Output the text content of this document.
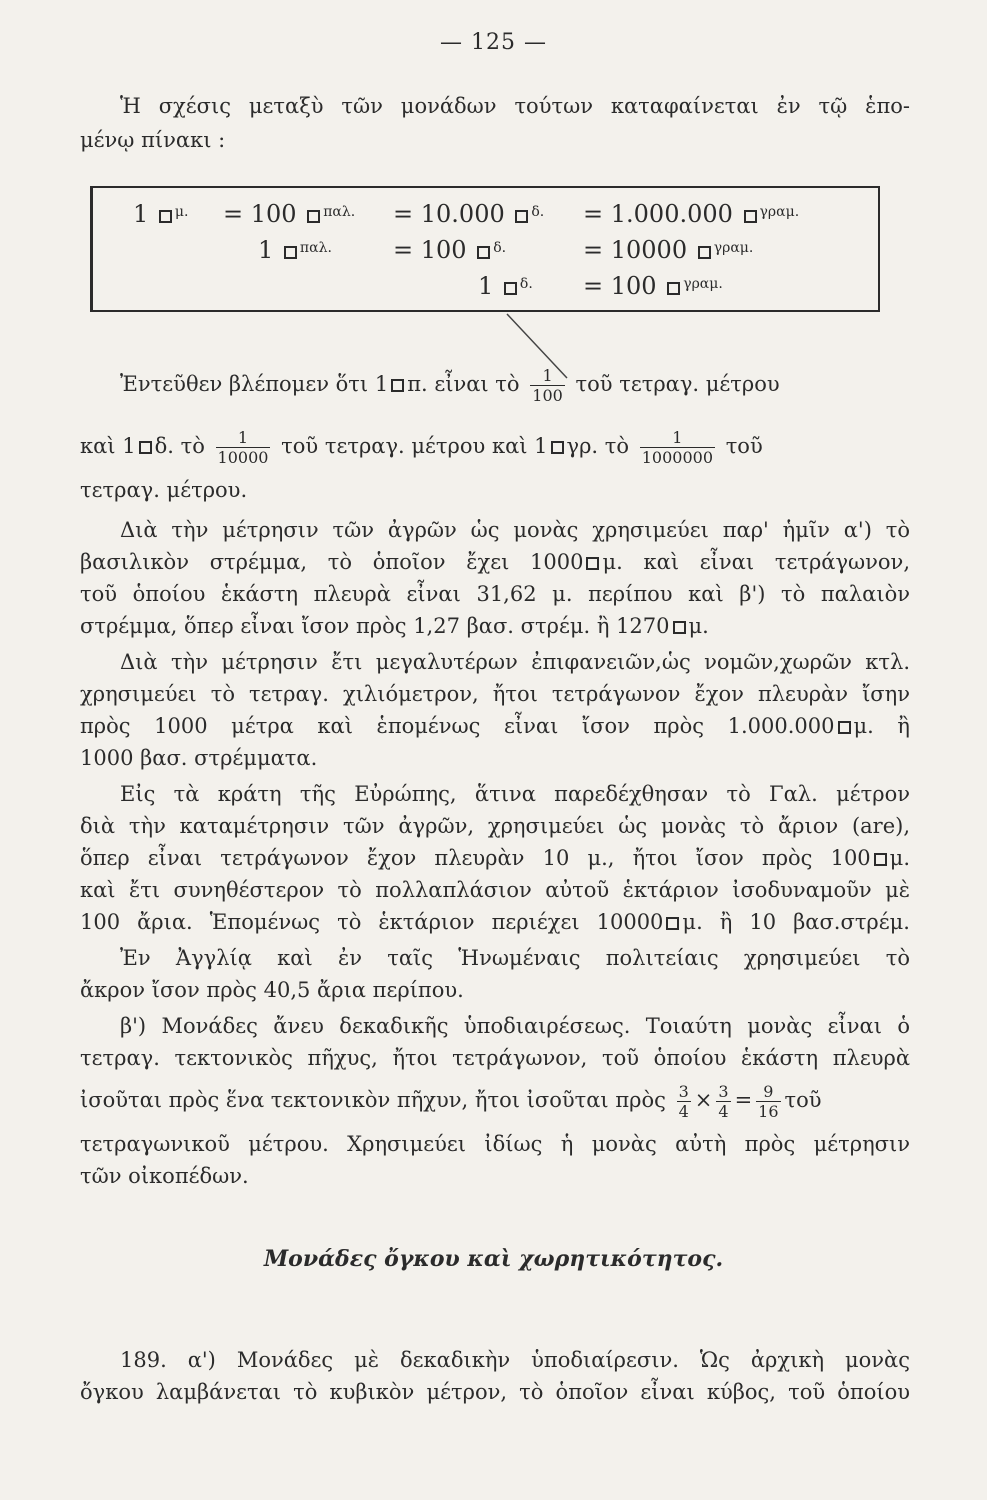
— 125 —
Ἡ σχέσις μεταξὺ τῶν μονάδων τούτων καταφαίνεται ἐν τῷ ἑπο-
μένῳ πίνακι :
1 $^{\mu.}$ = 100 $^{\pi\alpha\lambda.}$ = 10.000 $^{\delta.}$ = 1.000.000 $^{\gamma\rho\alpha\mu.}$
1 $^{\pi\alpha\lambda.}$	= 100 $^{\delta.}$	= 10000 $^{\gamma\rho\alpha\mu.}$
1 $^{\delta.}$ = 100 $^{\gamma\rho\alpha\mu.}$
Ἐντεῦθεν βλέπομεν ὅτι 1 π. εἶναι τὸ $\frac{1}{100}$ τοῦ τετραγ. μέτρου
καὶ 1 δ. τὸ $\frac{1}{10000}$ τοῦ τετραγ. μέτρου καὶ 1 γρ. τὸ $\frac{1}{1000000}$ τοῦ
τετραγ. μέτρου.
Διὰ τὴν μέτρησιν τῶν ἀγρῶν ὡς μονὰς χρησιμεύει παρ' ἡμῖν α') τὸ
βασιλικὸν στρέμμα, τὸ ὁποῖον ἔχει 1000 μ. καὶ εἶναι τετράγωνον,
τοῦ ὁποίου ἑκάστη πλευρὰ εἶναι 31,62 μ. περίπου καὶ β') τὸ παλαιὸν
στρέμμα, ὅπερ εἶναι ἴσον πρὸς 1,27 βασ. στρέμ. ἢ 1270 μ.
Διὰ τὴν μέτρησιν ἔτι μεγαλυτέρων ἐπιφανειῶν,ὡς νομῶν,χωρῶν κτλ.
χρησιμεύει τὸ τετραγ. χιλιόμετρον, ἤτοι τετράγωνον ἔχον πλευρὰν ἴσην
πρὸς 1000 μέτρα καὶ ἑπομένως εἶναι ἴσον πρὸς 1.000.000 μ. ἢ
1000 βασ. στρέμματα.
Εἰς τὰ κράτη τῆς Εὐρώπης, ἅτινα παρεδέχθησαν τὸ Γαλ. μέτρον
διὰ τὴν καταμέτρησιν τῶν ἀγρῶν, χρησιμεύει ὡς μονὰς τὸ ἄριον (are),
ὅπερ εἶναι τετράγωνον ἔχον πλευρὰν 10 μ., ἤτοι ἴσον πρὸς 100 μ.
καὶ ἔτι συνηθέστερον τὸ πολλαπλάσιον αὐτοῦ ἑκτάριον ἰσοδυναμοῦν μὲ
100 ἄρια. Ἑπομένως τὸ ἑκτάριον περιέχει 10000 μ. ἢ 10 βασ.στρέμ.
Ἐν Ἀγγλίᾳ καὶ ἐν ταῖς Ἡνωμέναις πολιτείαις χρησιμεύει τὸ
ἄκρον ἴσον πρὸς 40,5 ἄρια περίπου.
β') Μονάδες ἄνευ δεκαδικῆς ὑποδιαιρέσεως. Τοιαύτη μονὰς εἶναι ὁ
τετραγ. τεκτονικὸς πῆχυς, ἤτοι τετράγωνον, τοῦ ὁποίου ἑκάστη πλευρὰ
ἰσοῦται πρὸς ἕνα τεκτονικὸν πῆχυν, ἤτοι ἰσοῦται πρὸς $\frac{3}{4} \times \frac{3}{4} = \frac{9}{16}$ τοῦ
τετραγωνικοῦ μέτρου. Χρησιμεύει ἰδίως ἡ μονὰς αὐτὴ πρὸς μέτρησιν
τῶν οἰκοπέδων.
Μονάδες ὄγκου καὶ χωρητικότητος.
189. α') Μονάδες μὲ δεκαδικὴν ὑποδιαίρεσιν. Ὡς ἀρχικὴ μονὰς
ὄγκου λαμβάνεται τὸ κυβικὸν μέτρον, τὸ ὁποῖον εἶναι κύβος, τοῦ ὁποίου
